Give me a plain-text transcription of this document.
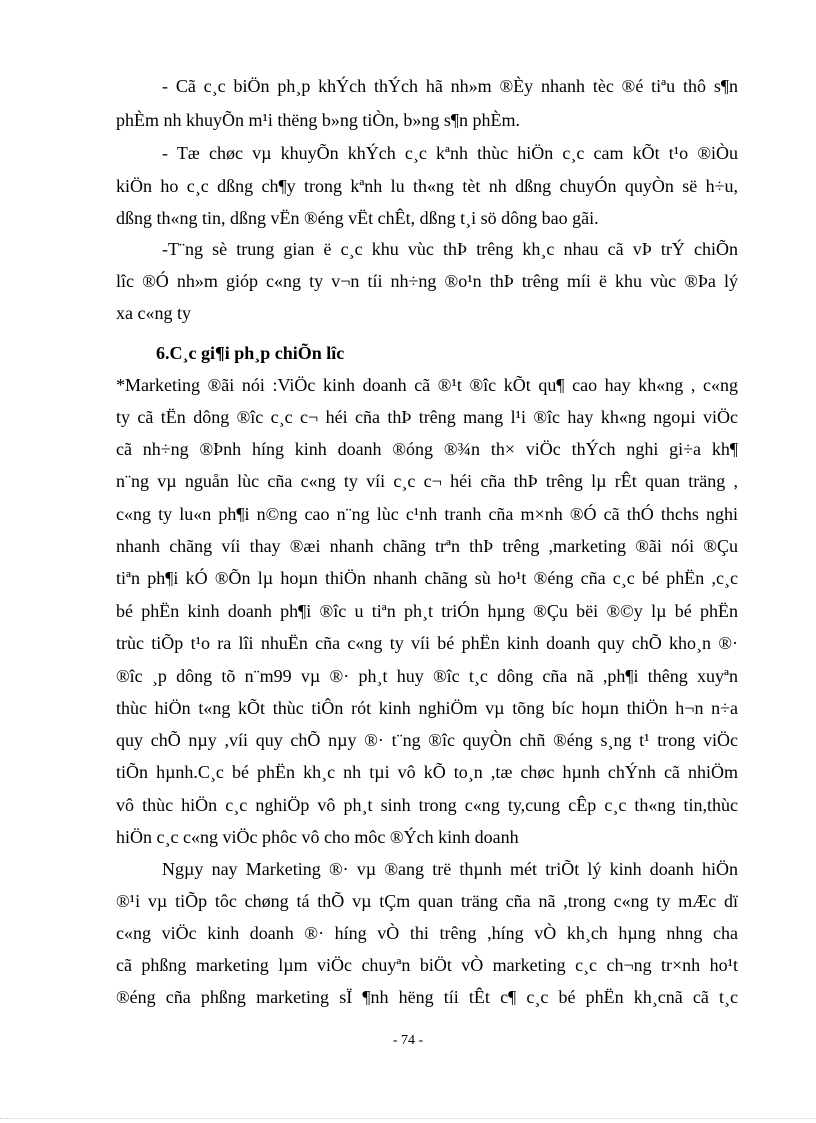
- Cã c¸c biÖn ph¸p khÝch thÝch hã nh»m ®Èy nhanh tèc ®é tiªu thô s¶n
phÈm nh khuyÕn m¹i thëng b»ng tiÒn, b»ng s¶n phÈm.
- Tæ chøc vµ khuyÕn khÝch c¸c kªnh thùc hiÖn c¸c cam kÕt t¹o ®iÒu
kiÖn ho c¸c dßng ch¶y trong kªnh lu th«ng tèt nh dßng chuyÓn quyÒn së h÷u,
dßng th«ng tin, dßng vËn ®éng vËt chÊt, dßng t¸i sö dông bao gãi.
-T¨ng sè trung gian ë c¸c khu vùc thÞ trêng kh¸c nhau cã vÞ trÝ chiÕn
lîc ®Ó nh»m gióp c«ng ty v¬n tíi nh÷ng ®o¹n thÞ trêng míi ë khu vùc ®Þa lý
xa c«ng ty
6.C¸c gi¶i ph¸p chiÕn lîc
*Marketing ®ãi nói :ViÖc kinh doanh cã ®¹t ®îc kÕt qu¶ cao hay kh«ng , c«ng
ty cã tËn dông ®îc c¸c c¬ héi cña thÞ trêng mang l¹i ®îc hay kh«ng ngoµi viÖc
cã nh÷ng ®Þnh híng kinh doanh ®óng ®¾n th× viÖc thÝch nghi gi÷a kh¶
n¨ng vµ nguån lùc cña c«ng ty víi c¸c c¬ héi cña thÞ trêng lµ rÊt quan träng ,
c«ng ty lu«n ph¶i n©ng cao n¨ng lùc c¹nh tranh cña m×nh ®Ó cã thÓ thchs nghi
nhanh chãng víi thay ®æi nhanh chãng trªn thÞ trêng ,marketing ®ãi nói ®Çu
tiªn ph¶i kÓ ®Õn lµ hoµn thiÖn nhanh chãng sù ho¹t ®éng cña c¸c bé phËn ,c¸c
bé phËn kinh doanh ph¶i ®îc u tiªn ph¸t triÓn hµng ®Çu bëi ®©y lµ bé phËn
trùc tiÕp t¹o ra lîi nhuËn cña c«ng ty víi bé phËn kinh doanh quy chÕ kho¸n ®·
®îc ¸p dông tõ n¨m99 vµ ®· ph¸t huy ®îc t¸c dông cña nã ,ph¶i thêng xuyªn
thùc hiÖn t«ng kÕt thùc tiÔn rót kinh nghiÖm vµ tõng bíc hoµn thiÖn h¬n n÷a
quy chÕ nµy ,víi quy chÕ nµy ®· t¨ng ®îc quyÒn chñ ®éng s¸ng t¹ trong viÖc
tiÕn hµnh.C¸c bé phËn kh¸c nh tµi vô kÕ to¸n ,tæ chøc hµnh chÝnh cã nhiÖm
vô thùc hiÖn c¸c nghiÖp vô ph¸t sinh trong c«ng ty,cung cÊp c¸c th«ng tin,thùc
hiÖn c¸c c«ng viÖc phôc vô cho môc ®Ých kinh doanh
Ngµy nay Marketing ®· vµ ®ang trë thµnh mét triÕt lý kinh doanh hiÖn
®¹i vµ tiÕp tôc chøng tá thÕ vµ tÇm quan träng cña nã ,trong c«ng ty mÆc dï
c«ng viÖc kinh doanh ®· híng vÒ thi trêng ,híng vÒ kh¸ch hµng nhng cha
cã phßng marketing lµm viÖc chuyªn biÖt vÒ marketing c¸c ch¬ng tr×nh ho¹t
®éng cña phßng marketing sÏ ¶nh hëng tíi tÊt c¶ c¸c bé phËn kh¸cnã cã t¸c
- 74 -
